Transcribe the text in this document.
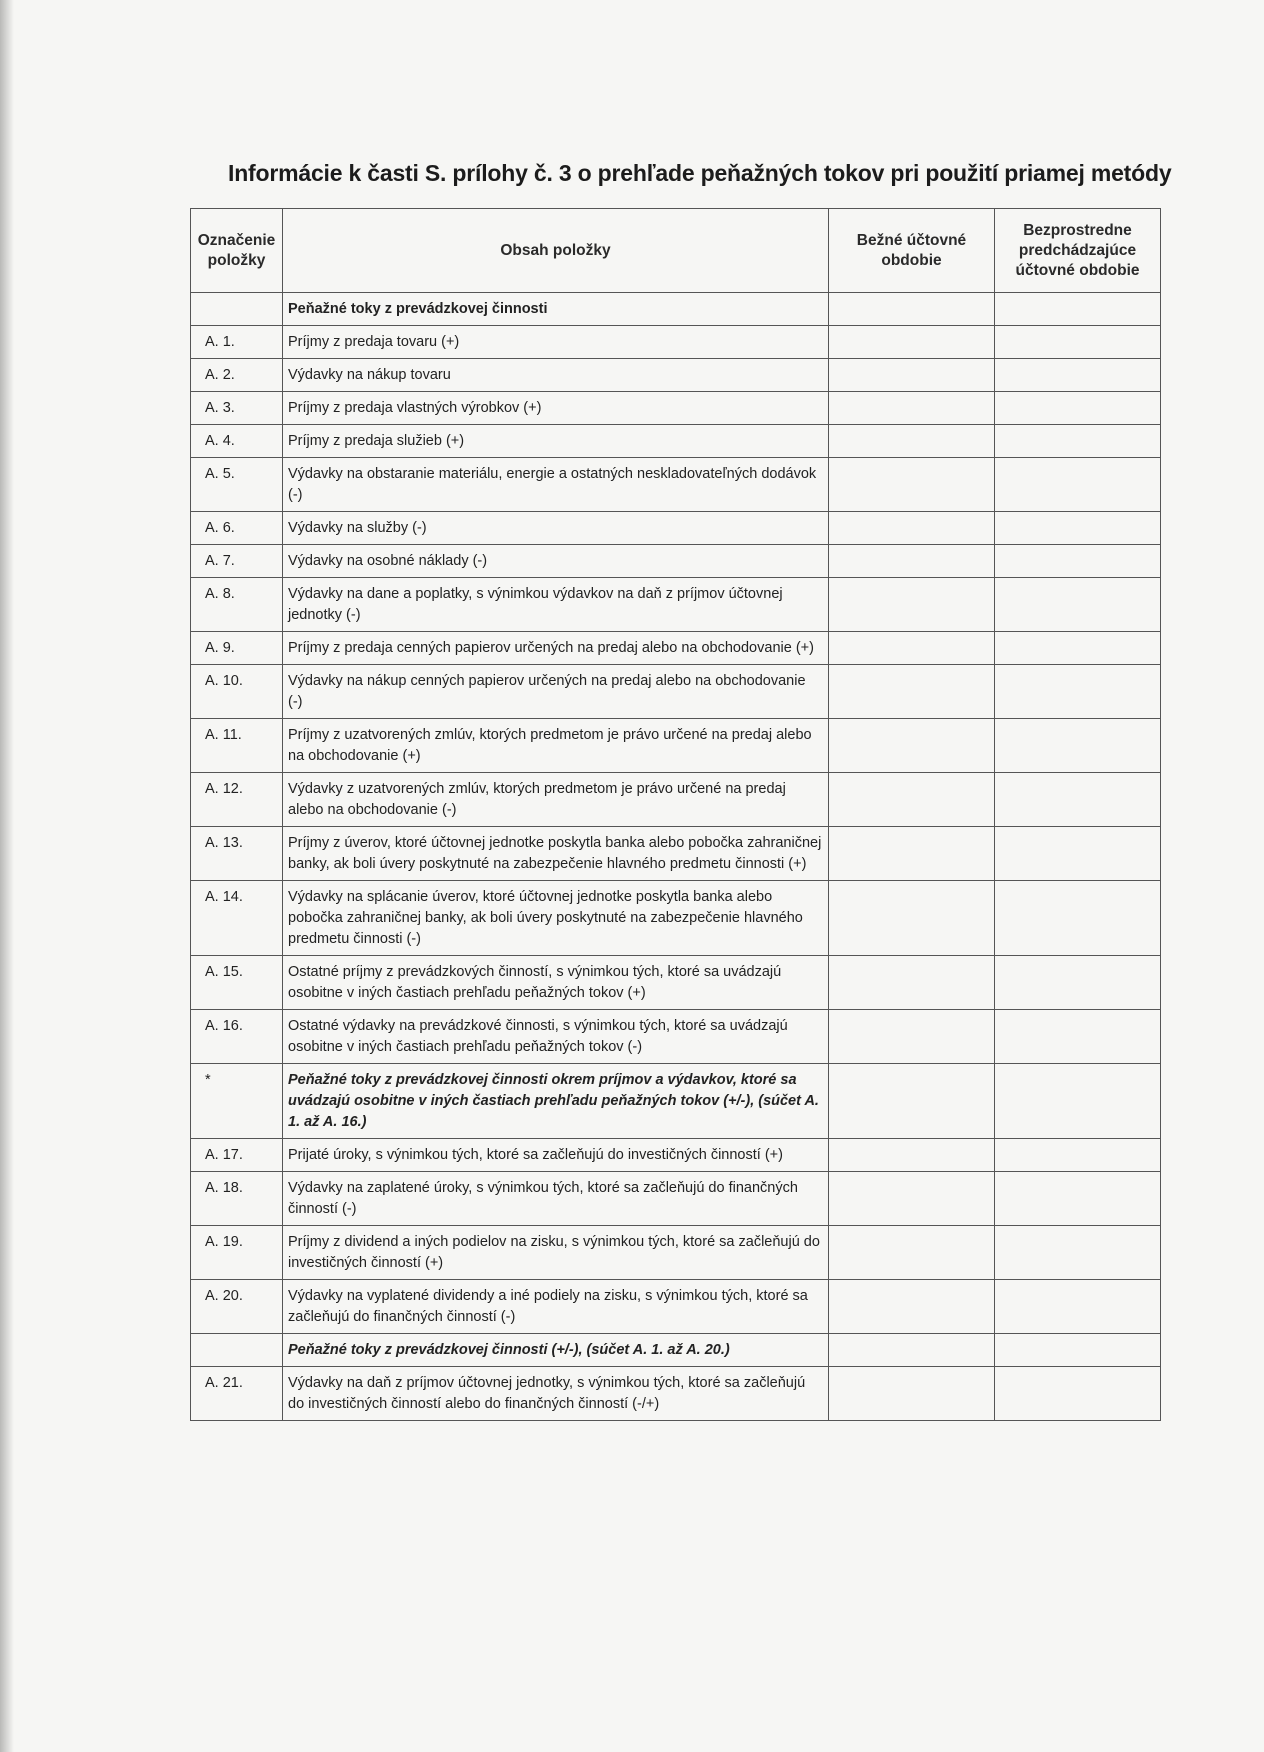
Informácie k časti S. prílohy č. 3 o prehľade peňažných tokov pri použití priamej metódy
Označenie položky	Obsah položky	Bežné účtovné obdobie	Bezprostredne predchádzajúce účtovné obdobie
	Peňažné toky z prevádzkovej činnosti		
A. 1.	Príjmy z predaja tovaru (+)		
A. 2.	Výdavky na nákup tovaru		
A. 3.	Príjmy z predaja vlastných výrobkov (+)		
A. 4.	Príjmy z predaja služieb (+)		
A. 5.	Výdavky na obstaranie materiálu, energie a ostatných neskladovateľných dodávok (-)		
A. 6.	Výdavky na služby (-)		
A. 7.	Výdavky na osobné náklady (-)		
A. 8.	Výdavky na dane a poplatky, s výnimkou výdavkov na daň z príjmov účtovnej jednotky (-)		
A. 9.	Príjmy z predaja cenných papierov určených na predaj alebo na obchodovanie (+)		
A. 10.	Výdavky na nákup cenných papierov určených na predaj alebo na obchodovanie (-)		
A. 11.	Príjmy z uzatvorených zmlúv, ktorých predmetom je právo určené na predaj alebo na obchodovanie (+)		
A. 12.	Výdavky z uzatvorených zmlúv, ktorých predmetom je právo určené na predaj alebo na obchodovanie (-)		
A. 13.	Príjmy z úverov, ktoré účtovnej jednotke poskytla banka alebo pobočka zahraničnej banky, ak boli úvery poskytnuté na zabezpečenie hlavného predmetu činnosti (+)		
A. 14.	Výdavky na splácanie úverov, ktoré účtovnej jednotke poskytla banka alebo pobočka zahraničnej banky, ak boli úvery poskytnuté na zabezpečenie hlavného predmetu činnosti (-)		
A. 15.	Ostatné príjmy z prevádzkových činností, s výnimkou tých, ktoré sa uvádzajú osobitne v iných častiach prehľadu peňažných tokov (+)		
A. 16.	Ostatné výdavky na prevádzkové činnosti, s výnimkou tých, ktoré sa uvádzajú osobitne v iných častiach prehľadu peňažných tokov (-)		
*	Peňažné toky z prevádzkovej činnosti okrem príjmov a výdavkov, ktoré sa uvádzajú osobitne v iných častiach prehľadu peňažných tokov (+/-), (súčet A. 1. až A. 16.)		
A. 17.	Prijaté úroky, s výnimkou tých, ktoré sa začleňujú do investičných činností (+)		
A. 18.	Výdavky na zaplatené úroky, s výnimkou tých, ktoré sa začleňujú do finančných činností (-)		
A. 19.	Príjmy z dividend a iných podielov na zisku, s výnimkou tých, ktoré sa začleňujú do investičných činností (+)		
A. 20.	Výdavky na vyplatené dividendy a iné podiely na zisku, s výnimkou tých, ktoré sa začleňujú do finančných činností (-)		
	Peňažné toky z prevádzkovej činnosti (+/-), (súčet A. 1. až A. 20.)		
A. 21.	Výdavky na daň z príjmov účtovnej jednotky, s výnimkou tých, ktoré sa začleňujú do investičných činností alebo do finančných činností (-/+)		
